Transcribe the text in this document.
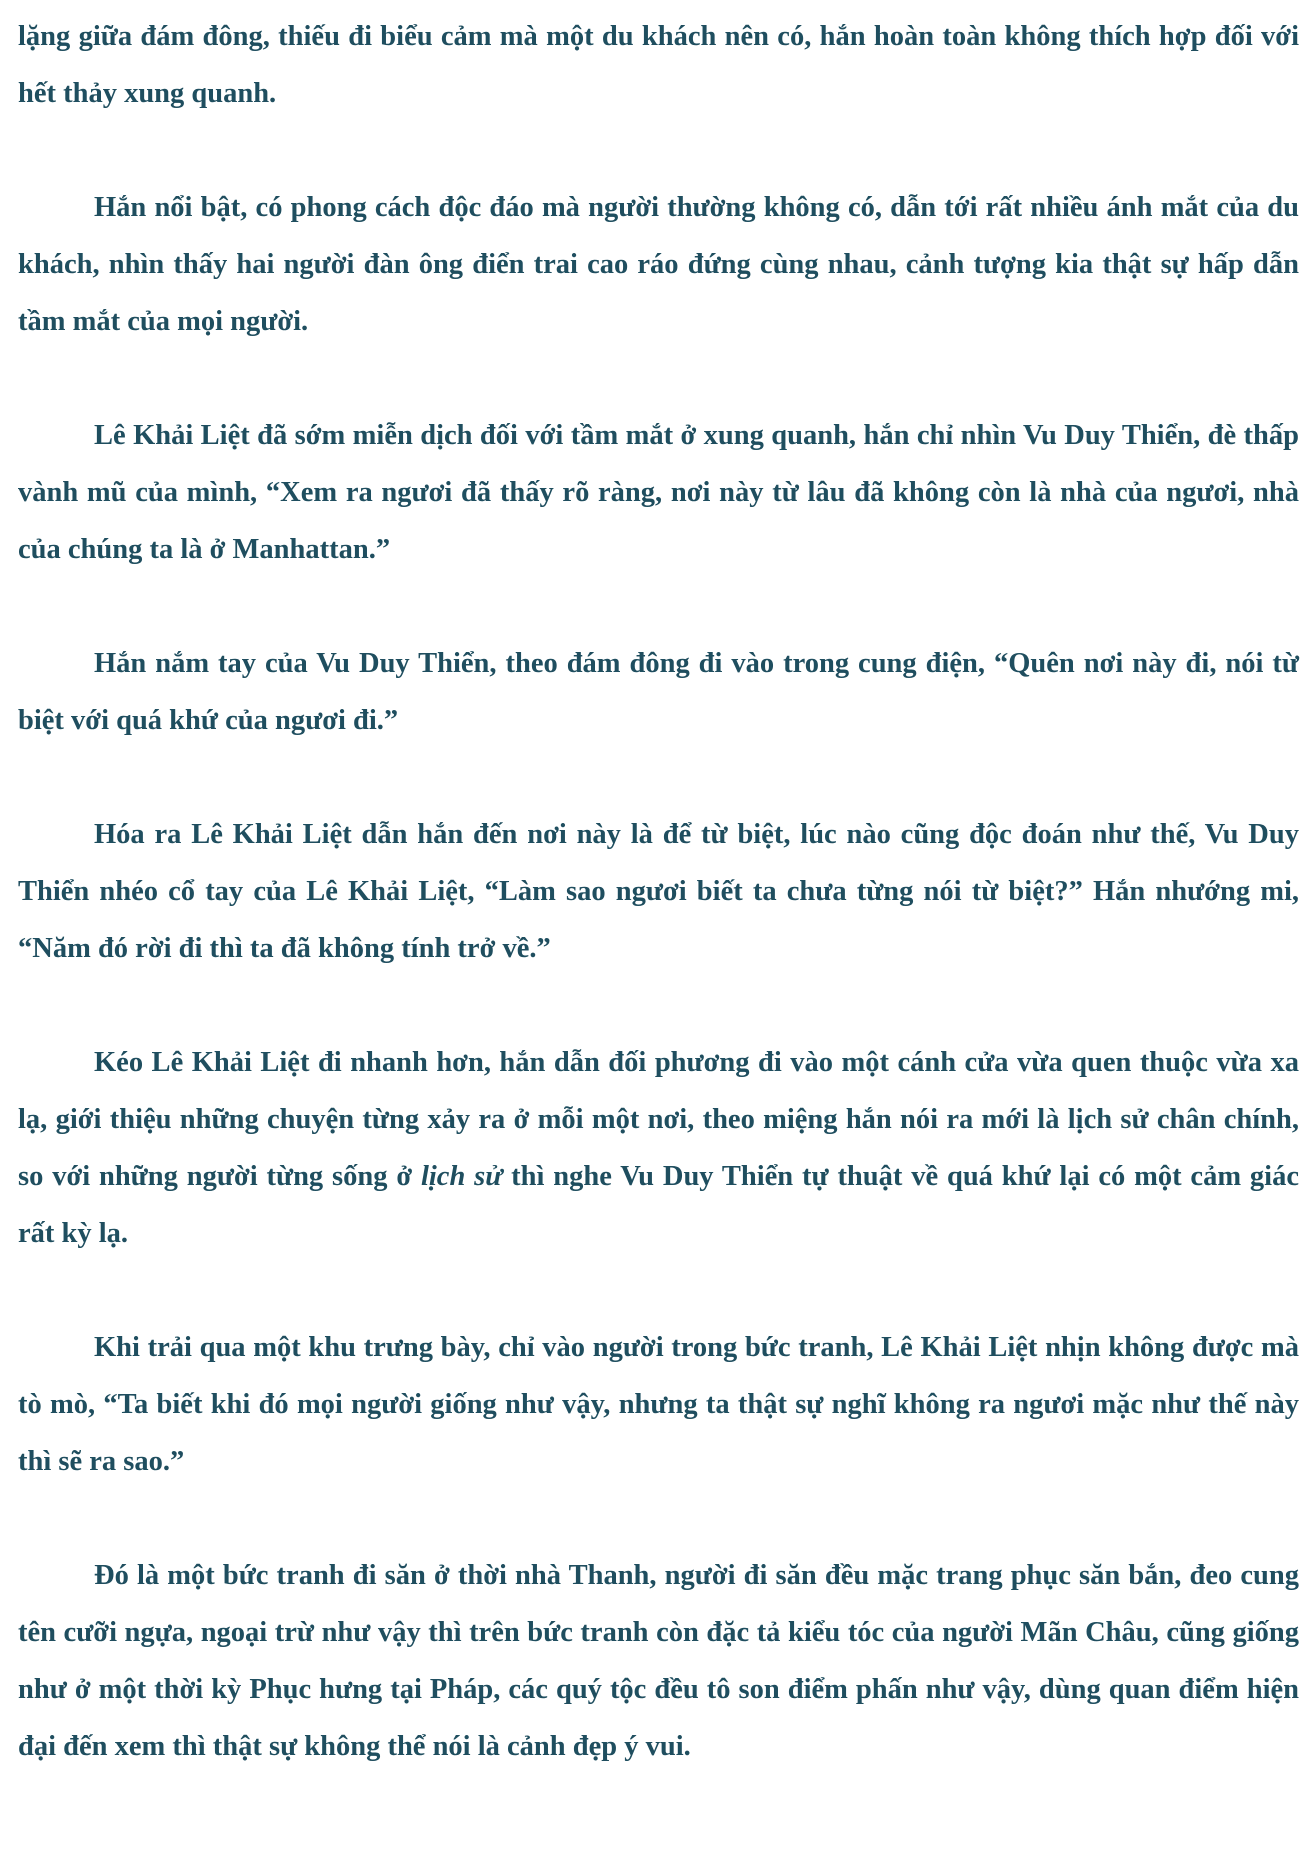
lặng giữa đám đông, thiếu đi biểu cảm mà một du khách nên có, hắn hoàn toàn không thích hợp đối với hết thảy xung quanh.

Hắn nổi bật, có phong cách độc đáo mà người thường không có, dẫn tới rất nhiều ánh mắt của du khách, nhìn thấy hai người đàn ông điển trai cao ráo đứng cùng nhau, cảnh tượng kia thật sự hấp dẫn tầm mắt của mọi người.

Lê Khải Liệt đã sớm miễn dịch đối với tầm mắt ở xung quanh, hắn chỉ nhìn Vu Duy Thiển, đè thấp vành mũ của mình, “Xem ra ngươi đã thấy rõ ràng, nơi này từ lâu đã không còn là nhà của ngươi, nhà của chúng ta là ở Manhattan.”

Hắn nắm tay của Vu Duy Thiển, theo đám đông đi vào trong cung điện, “Quên nơi này đi, nói từ biệt với quá khứ của ngươi đi.”

Hóa ra Lê Khải Liệt dẫn hắn đến nơi này là để từ biệt, lúc nào cũng độc đoán như thế, Vu Duy Thiển nhéo cổ tay của Lê Khải Liệt, “Làm sao ngươi biết ta chưa từng nói từ biệt?” Hắn nhướng mi, “Năm đó rời đi thì ta đã không tính trở về.”

Kéo Lê Khải Liệt đi nhanh hơn, hắn dẫn đối phương đi vào một cánh cửa vừa quen thuộc vừa xa lạ, giới thiệu những chuyện từng xảy ra ở mỗi một nơi, theo miệng hắn nói ra mới là lịch sử chân chính, so với những người từng sống ở lịch sử thì nghe Vu Duy Thiển tự thuật về quá khứ lại có một cảm giác rất kỳ lạ.

Khi trải qua một khu trưng bày, chỉ vào người trong bức tranh, Lê Khải Liệt nhịn không được mà tò mò, “Ta biết khi đó mọi người giống như vậy, nhưng ta thật sự nghĩ không ra ngươi mặc như thế này thì sẽ ra sao.”

Đó là một bức tranh đi săn ở thời nhà Thanh, người đi săn đều mặc trang phục săn bắn, đeo cung tên cưỡi ngựa, ngoại trừ như vậy thì trên bức tranh còn đặc tả kiểu tóc của người Mãn Châu, cũng giống như ở một thời kỳ Phục hưng tại Pháp, các quý tộc đều tô son điểm phấn như vậy, dùng quan điểm hiện đại đến xem thì thật sự không thể nói là cảnh đẹp ý vui.
